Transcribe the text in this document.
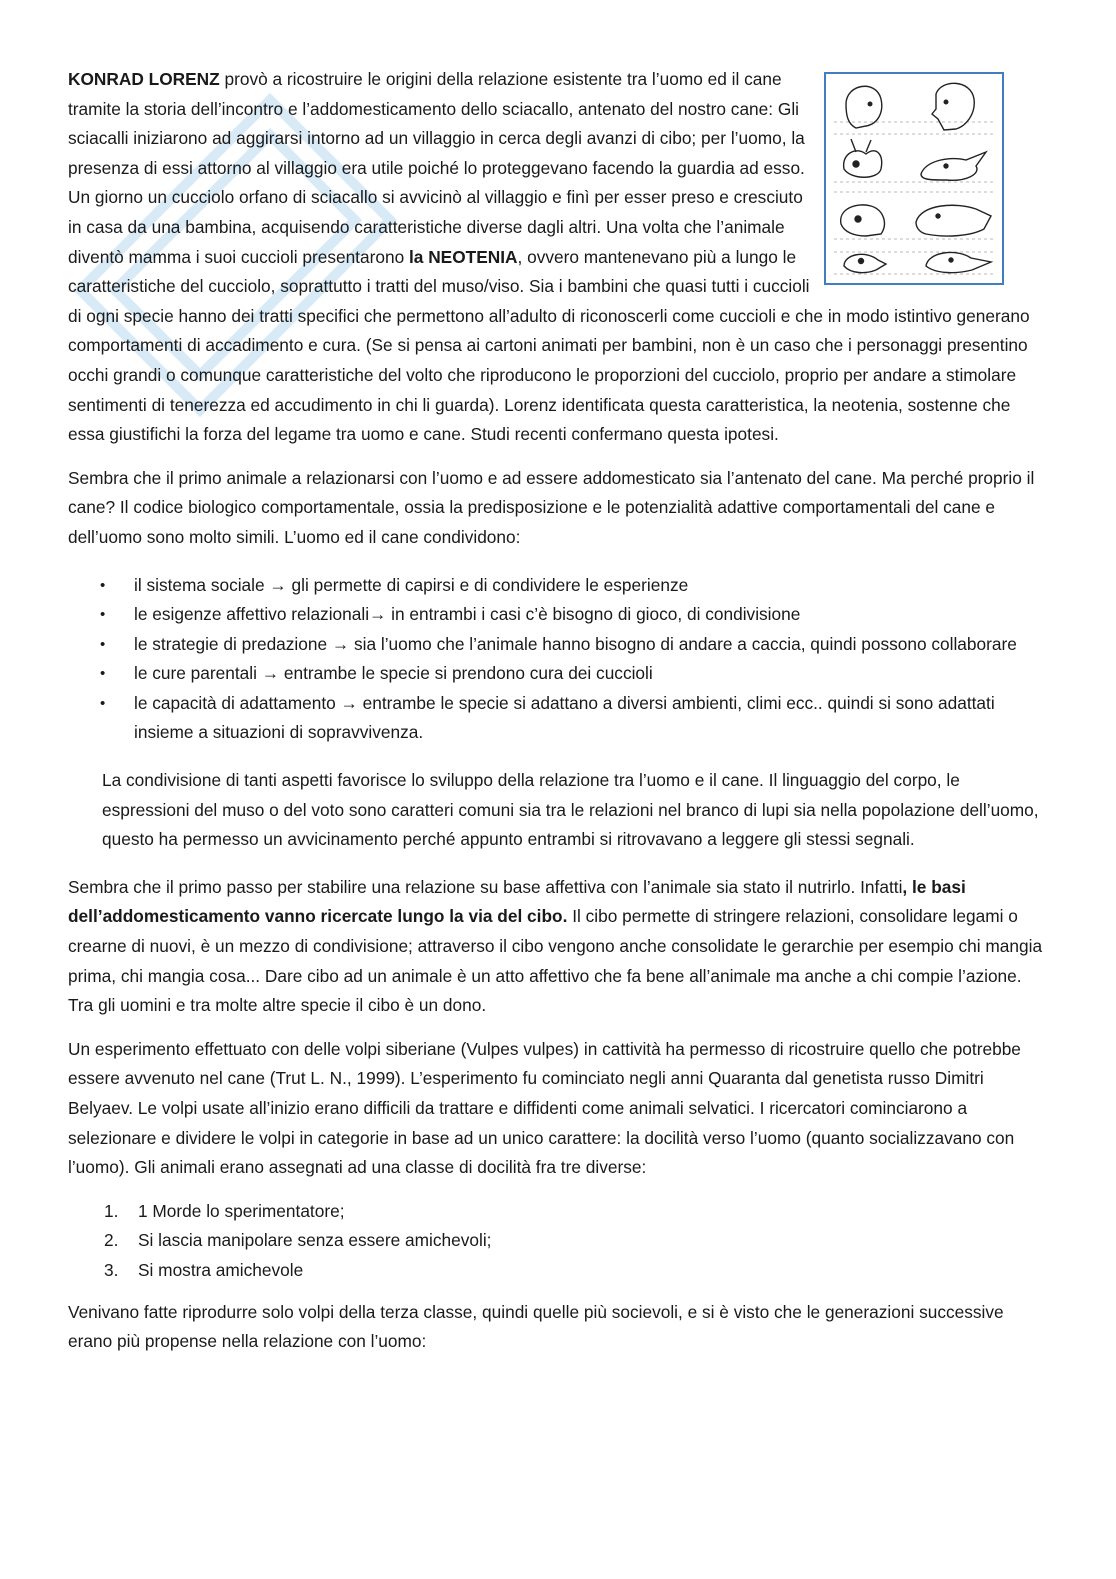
KONRAD LORENZ provò a ricostruire le origini della relazione esistente tra l’uomo ed il cane tramite la storia dell’incontro e l’addomesticamento dello sciacallo, antenato del nostro cane: Gli sciacalli iniziarono ad aggirarsi intorno ad un villaggio in cerca degli avanzi di cibo; per l’uomo, la presenza di essi attorno al villaggio era utile poiché lo proteggevano facendo la guardia ad esso. Un giorno un cucciolo orfano di sciacallo si avvicinò al villaggio e finì per esser preso e cresciuto in casa da una bambina, acquisendo caratteristiche diverse dagli altri. Una volta che l’animale diventò mamma i suoi cuccioli presentarono la NEOTENIA, ovvero mantenevano più a lungo le caratteristiche del cucciolo, soprattutto i tratti del muso/viso. Sia i bambini che quasi tutti i cuccioli di ogni specie hanno dei tratti specifici che permettono all’adulto di riconoscerli come cuccioli e che in modo istintivo generano comportamenti di accadimento e cura. (Se si pensa ai cartoni animati per bambini, non è un caso che i personaggi presentino occhi grandi o comunque caratteristiche del volto che riproducono le proporzioni del cucciolo, proprio per andare a stimolare sentimenti di tenerezza ed accudimento in chi li guarda). Lorenz identificata questa caratteristica, la neotenia, sostenne che essa giustifichi la forza del legame tra uomo e cane. Studi recenti confermano questa ipotesi.

Sembra che il primo animale a relazionarsi con l’uomo e ad essere addomesticato sia l’antenato del cane. Ma perché proprio il cane? Il codice biologico comportamentale, ossia la predisposizione e le potenzialità adattive comportamentali del cane e dell’uomo sono molto simili. L’uomo ed il cane condividono:

• il sistema sociale → gli permette di capirsi e di condividere le esperienze
• le esigenze affettivo relazionali→ in entrambi i casi c’è bisogno di gioco, di condivisione
• le strategie di predazione → sia l’uomo che l’animale hanno bisogno di andare a caccia, quindi possono collaborare
• le cure parentali → entrambe le specie si prendono cura dei cuccioli
• le capacità di adattamento → entrambe le specie si adattano a diversi ambienti, climi ecc.. quindi si sono adattati insieme a situazioni di sopravvivenza.

La condivisione di tanti aspetti favorisce lo sviluppo della relazione tra l’uomo e il cane. Il linguaggio del corpo, le espressioni del muso o del voto sono caratteri comuni sia tra le relazioni nel branco di lupi sia nella popolazione dell’uomo, questo ha permesso un avvicinamento perché appunto entrambi si ritrovavano a leggere gli stessi segnali.

Sembra che il primo passo per stabilire una relazione su base affettiva con l’animale sia stato il nutrirlo. Infatti, le basi dell’addomesticamento vanno ricercate lungo la via del cibo. Il cibo permette di stringere relazioni, consolidare legami o crearne di nuovi, è un mezzo di condivisione; attraverso il cibo vengono anche consolidate le gerarchie per esempio chi mangia prima, chi mangia cosa... Dare cibo ad un animale è un atto affettivo che fa bene all’animale ma anche a chi compie l’azione. Tra gli uomini e tra molte altre specie il cibo è un dono.

Un esperimento effettuato con delle volpi siberiane (Vulpes vulpes) in cattività ha permesso di ricostruire quello che potrebbe essere avvenuto nel cane (Trut L. N., 1999). L’esperimento fu cominciato negli anni Quaranta dal genetista russo Dimitri Belyaev. Le volpi usate all’inizio erano difficili da trattare e diffidenti come animali selvatici. I ricercatori cominciarono a selezionare e dividere le volpi in categorie in base ad un unico carattere: la docilità verso l’uomo (quanto socializzavano con l’uomo). Gli animali erano assegnati ad una classe di docilità fra tre diverse:

1. 1 Morde lo sperimentatore;
2. Si lascia manipolare senza essere amichevoli;
3. Si mostra amichevole

Venivano fatte riprodurre solo volpi della terza classe, quindi quelle più socievoli, e si è visto che le generazioni successive erano più propense nella relazione con l’uomo:
